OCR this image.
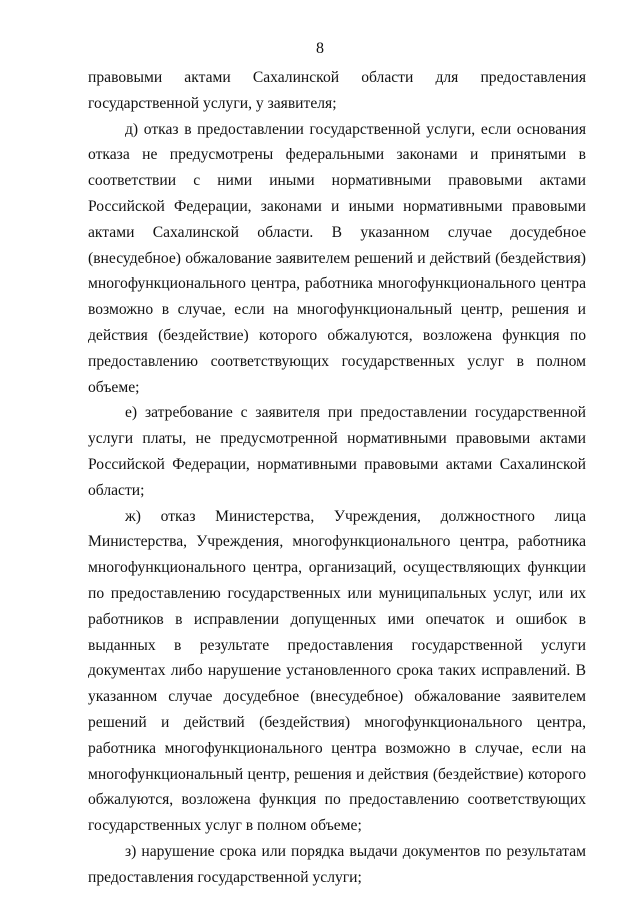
8

правовыми актами Сахалинской области для предоставления государственной услуги, у заявителя;

д) отказ в предоставлении государственной услуги, если основания отказа не предусмотрены федеральными законами и принятыми в соответствии с ними иными нормативными правовыми актами Российской Федерации, законами и иными нормативными правовыми актами Сахалинской области. В указанном случае досудебное (внесудебное) обжалование заявителем решений и действий (бездействия) многофункционального центра, работника многофункционального центра возможно в случае, если на многофункциональный центр, решения и действия (бездействие) которого обжалуются, возложена функция по предоставлению соответствующих государственных услуг в полном объеме;

е) затребование с заявителя при предоставлении государственной услуги платы, не предусмотренной нормативными правовыми актами Российской Федерации, нормативными правовыми актами Сахалинской области;

ж) отказ Министерства, Учреждения, должностного лица Министерства, Учреждения, многофункционального центра, работника многофункционального центра, организаций, осуществляющих функции по предоставлению государственных или муниципальных услуг, или их работников в исправлении допущенных ими опечаток и ошибок в выданных в результате предоставления государственной услуги документах либо нарушение установленного срока таких исправлений. В указанном случае досудебное (внесудебное) обжалование заявителем решений и действий (бездействия) многофункционального центра, работника многофункционального центра возможно в случае, если на многофункциональный центр, решения и действия (бездействие) которого обжалуются, возложена функция по предоставлению соответствующих государственных услуг в полном объеме;

з) нарушение срока или порядка выдачи документов по результатам предоставления государственной услуги;
